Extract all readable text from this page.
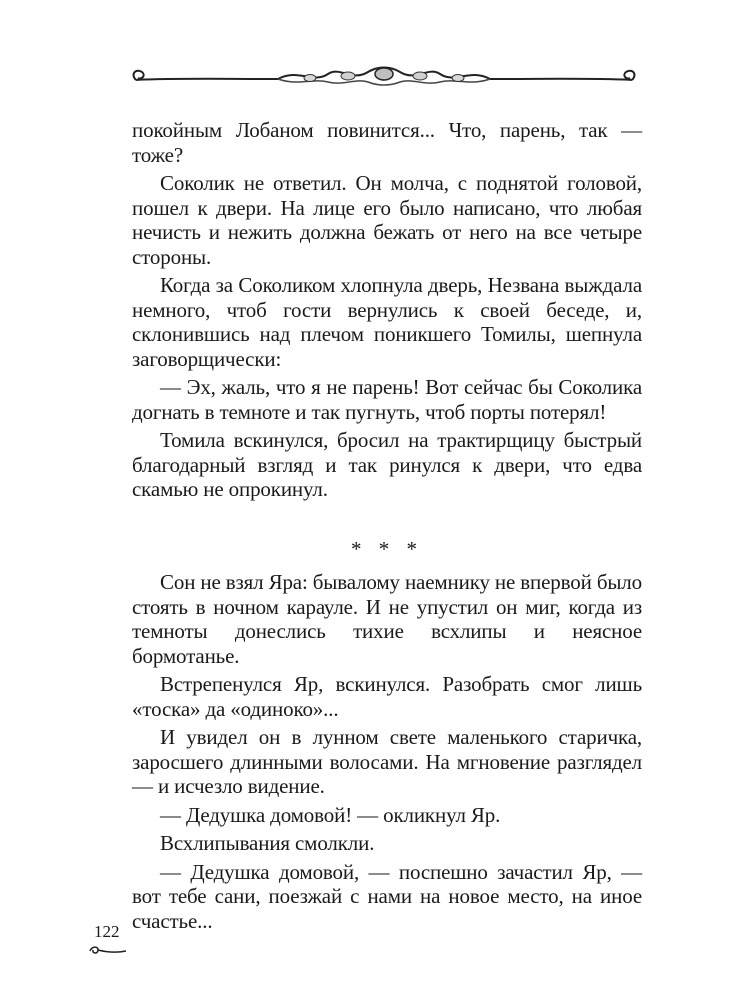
покойным Лобаном повинится... Что, парень, так — тоже?

Соколик не ответил. Он молча, с поднятой головой, пошел к двери. На лице его было написано, что любая нечисть и нежить должна бежать от него на все четыре стороны.

Когда за Соколиком хлопнула дверь, Незвана выждала немного, чтоб гости вернулись к своей беседе, и, склонившись над плечом поникшего Томилы, шепнула заговорщически:

— Эх, жаль, что я не парень! Вот сейчас бы Соколика догнать в темноте и так пугнуть, чтоб порты потерял!

Томила вскинулся, бросил на трактирщицу быстрый благодарный взгляд и так ринулся к двери, что едва скамью не опрокинул.

* * *

Сон не взял Яра: бывалому наемнику не впервой было стоять в ночном карауле. И не упустил он миг, когда из темноты донеслись тихие всхлипы и неясное бормотанье.

Встрепенулся Яр, вскинулся. Разобрать смог лишь «тоска» да «одиноко»...

И увидел он в лунном свете маленького старичка, заросшего длинными волосами. На мгновение разглядел — и исчезло видение.

— Дедушка домовой! — окликнул Яр.

Всхлипывания смолкли.

— Дедушка домовой, — поспешно зачастил Яр, — вот тебе сани, поезжай с нами на новое место, на иное счастье...

122
